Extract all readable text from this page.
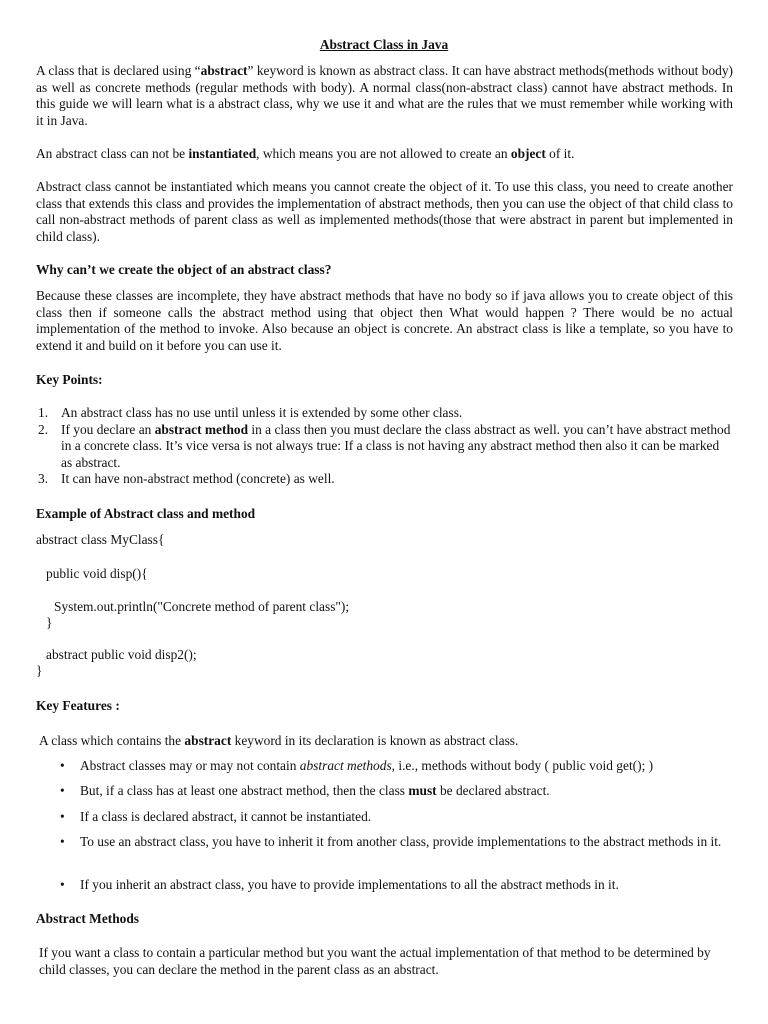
Abstract Class in Java

A class that is declared using “abstract” keyword is known as abstract class. It can have abstract methods(methods without body) as well as concrete methods (regular methods with body). A normal class(non-abstract class) cannot have abstract methods. In this guide we will learn what is a abstract class, why we use it and what are the rules that we must remember while working with it in Java.

An abstract class can not be instantiated, which means you are not allowed to create an object of it.

Abstract class cannot be instantiated which means you cannot create the object of it. To use this class, you need to create another class that extends this class and provides the implementation of abstract methods, then you can use the object of that child class to call non-abstract methods of parent class as well as implemented methods(those that were abstract in parent but implemented in child class).

Why can’t we create the object of an abstract class?

Because these classes are incomplete, they have abstract methods that have no body so if java allows you to create object of this class then if someone calls the abstract method using that object then What would happen ? There would be no actual implementation of the method to invoke. Also because an object is concrete. An abstract class is like a template, so you have to extend it and build on it before you can use it.

Key Points:

1. An abstract class has no use until unless it is extended by some other class.
2. If you declare an abstract method in a class then you must declare the class abstract as well. you can’t have abstract method in a concrete class. It’s vice versa is not always true: If a class is not having any abstract method then also it can be marked as abstract.
3. It can have non-abstract method (concrete) as well.

Example of Abstract class and method

abstract class MyClass{

public void disp(){

System.out.println("Concrete method of parent class");

}

abstract public void disp2();

}

Key Features :

A class which contains the abstract keyword in its declaration is known as abstract class.

• Abstract classes may or may not contain abstract methods, i.e., methods without body ( public void get(); )
• But, if a class has at least one abstract method, then the class must be declared abstract.
• If a class is declared abstract, it cannot be instantiated.
• To use an abstract class, you have to inherit it from another class, provide implementations to the abstract methods in it.
• If you inherit an abstract class, you have to provide implementations to all the abstract methods in it.

Abstract Methods

If you want a class to contain a particular method but you want the actual implementation of that method to be determined by child classes, you can declare the method in the parent class as an abstract.
